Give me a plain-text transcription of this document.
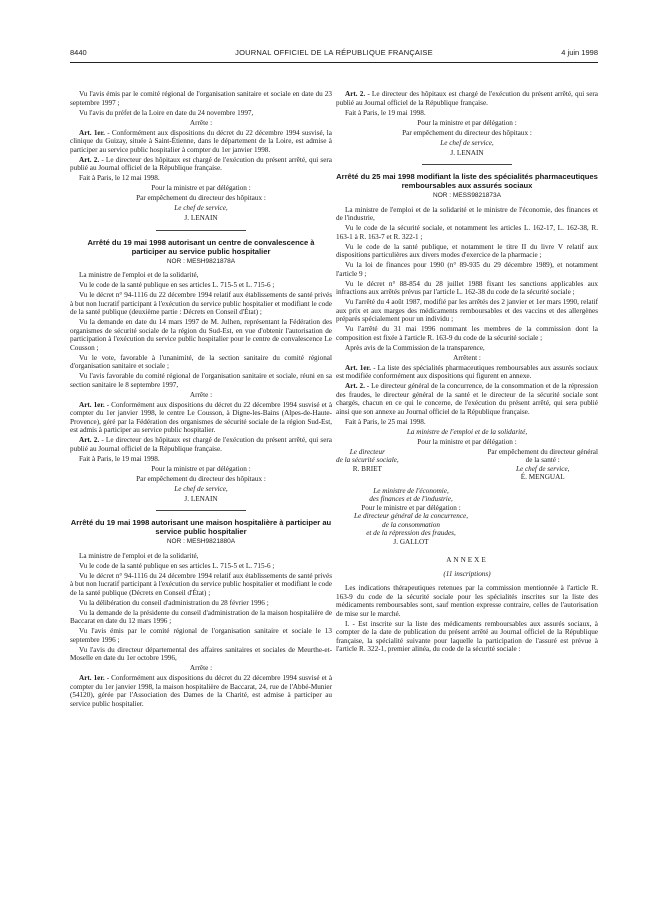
8440	JOURNAL OFFICIEL DE LA RÉPUBLIQUE FRANÇAISE	4 juin 1998

Vu l'avis émis par le comité régional de l'organisation sanitaire et sociale en date du 23 septembre 1997 ;

Vu l'avis du préfet de la Loire en date du 24 novembre 1997,

Arrête :

Art. 1er. - Conformément aux dispositions du décret du 22 décembre 1994 susvisé, la clinique du Guizay, située à Saint-Étienne, dans le département de la Loire, est admise à participer au service public hospitalier à compter du 1er janvier 1998.

Art. 2. - Le directeur des hôpitaux est chargé de l'exécution du présent arrêté, qui sera publié au Journal officiel de la République française.

Fait à Paris, le 12 mai 1998.

Pour la ministre et par délégation :

Par empêchement du directeur des hôpitaux :

Le chef de service,

J. LENAIN

Arrêté du 19 mai 1998 autorisant un centre de convalescence à participer au service public hospitalier

NOR : MESH9821878A

La ministre de l'emploi et de la solidarité,

Vu le code de la santé publique en ses articles L. 715-5 et L. 715-6 ;

Vu le décret n° 94-1116 du 22 décembre 1994 relatif aux établissements de santé privés à but non lucratif participant à l'exécution du service public hospitalier et modifiant le code de la santé publique (deuxième partie : Décrets en Conseil d'État) ;

Vu la demande en date du 14 mars 1997 de M. Julhen, représentant la Fédération des organismes de sécurité sociale de la région du Sud-Est, en vue d'obtenir l'autorisation de participation à l'exécution du service public hospitalier pour le centre de convalescence Le Cousson ;

Vu le vote, favorable à l'unanimité, de la section sanitaire du comité régional d'organisation sanitaire et sociale ;

Vu l'avis favorable du comité régional de l'organisation sanitaire et sociale, réuni en sa section sanitaire le 8 septembre 1997,

Arrête :

Art. 1er. - Conformément aux dispositions du décret du 22 décembre 1994 susvisé et à compter du 1er janvier 1998, le centre Le Cousson, à Digne-les-Bains (Alpes-de-Haute-Provence), géré par la Fédération des organismes de sécurité sociale de la région Sud-Est, est admis à participer au service public hospitalier.

Art. 2. - Le directeur des hôpitaux est chargé de l'exécution du présent arrêté, qui sera publié au Journal officiel de la République française.

Fait à Paris, le 19 mai 1998.

Pour la ministre et par délégation :

Par empêchement du directeur des hôpitaux :

Le chef de service,

J. LENAIN

Arrêté du 19 mai 1998 autorisant une maison hospitalière à participer au service public hospitalier

NOR : MESH9821880A

La ministre de l'emploi et de la solidarité,

Vu le code de la santé publique en ses articles L. 715-5 et L. 715-6 ;

Vu le décret n° 94-1116 du 24 décembre 1994 relatif aux établissements de santé privés à but non lucratif participant à l'exécution du service public hospitalier et modifiant le code de la santé publique (Décrets en Conseil d'État) ;

Vu la délibération du conseil d'administration du 28 février 1996 ;

Vu la demande de la présidente du conseil d'administration de la maison hospitalière de Baccarat en date du 12 mars 1996 ;

Vu l'avis émis par le comité régional de l'organisation sanitaire et sociale le 13 septembre 1996 ;

Vu l'avis du directeur départemental des affaires sanitaires et sociales de Meurthe-et-Moselle en date du 1er octobre 1996,

Arrête :

Art. 1er. - Conformément aux dispositions du décret du 22 décembre 1994 susvisé et à compter du 1er janvier 1998, la maison hospitalière de Baccarat, 24, rue de l'Abbé-Munier (54120), gérée par l'Association des Dames de la Charité, est admise à participer au service public hospitalier.

Art. 2. - Le directeur des hôpitaux est chargé de l'exécution du présent arrêté, qui sera publié au Journal officiel de la République française.

Fait à Paris, le 19 mai 1998.

Pour la ministre et par délégation :

Par empêchement du directeur des hôpitaux :

Le chef de service,

J. LENAIN

Arrêté du 25 mai 1998 modifiant la liste des spécialités pharmaceutiques remboursables aux assurés sociaux

NOR : MESS9821873A

La ministre de l'emploi et de la solidarité et le ministre de l'économie, des finances et de l'industrie,

Vu le code de la sécurité sociale, et notamment les articles L. 162-17, L. 162-38, R. 163-1 à R. 163-7 et R. 322-1 ;

Vu le code de la santé publique, et notamment le titre II du livre V relatif aux dispositions particulières aux divers modes d'exercice de la pharmacie ;

Vu la loi de finances pour 1990 (n° 89-935 du 29 décembre 1989), et notamment l'article 9 ;

Vu le décret n° 88-854 du 28 juillet 1988 fixant les sanctions applicables aux infractions aux arrêtés prévus par l'article L. 162-38 du code de la sécurité sociale ;

Vu l'arrêté du 4 août 1987, modifié par les arrêtés des 2 janvier et 1er mars 1990, relatif aux prix et aux marges des médicaments remboursables et des vaccins et des allergènes préparés spécialement pour un individu ;

Vu l'arrêté du 31 mai 1996 nommant les membres de la commission dont la composition est fixée à l'article R. 163-9 du code de la sécurité sociale ;

Après avis de la Commission de la transparence,

Arrêtent :

Art. 1er. - La liste des spécialités pharmaceutiques remboursables aux assurés sociaux est modifiée conformément aux dispositions qui figurent en annexe.

Art. 2. - Le directeur général de la concurrence, de la consommation et de la répression des fraudes, le directeur général de la santé et le directeur de la sécurité sociale sont chargés, chacun en ce qui le concerne, de l'exécution du présent arrêté, qui sera publié ainsi que son annexe au Journal officiel de la République française.

Fait à Paris, le 25 mai 1998.

La ministre de l'emploi et de la solidarité,

Pour la ministre et par délégation :

Le directeur
de la sécurité sociale,
R. BRIET
Par empêchement du directeur général
de la santé :
Le chef de service,
É. MENGUAL
Le ministre de l'économie,
des finances et de l'industrie,
Pour le ministre et par délégation :
Le directeur général de la concurrence,
de la consommation
et de la répression des fraudes,
J. GALLOT

ANNEXE

(11 inscriptions)

Les indications thérapeutiques retenues par la commission mentionnée à l'article R. 163-9 du code de la sécurité sociale pour les spécialités inscrites sur la liste des médicaments remboursables sont, sauf mention expresse contraire, celles de l'autorisation de mise sur le marché.

I. - Est inscrite sur la liste des médicaments remboursables aux assurés sociaux, à compter de la date de publication du présent arrêté au Journal officiel de la République française, la spécialité suivante pour laquelle la participation de l'assuré est prévue à l'article R. 322-1, premier alinéa, du code de la sécurité sociale :
